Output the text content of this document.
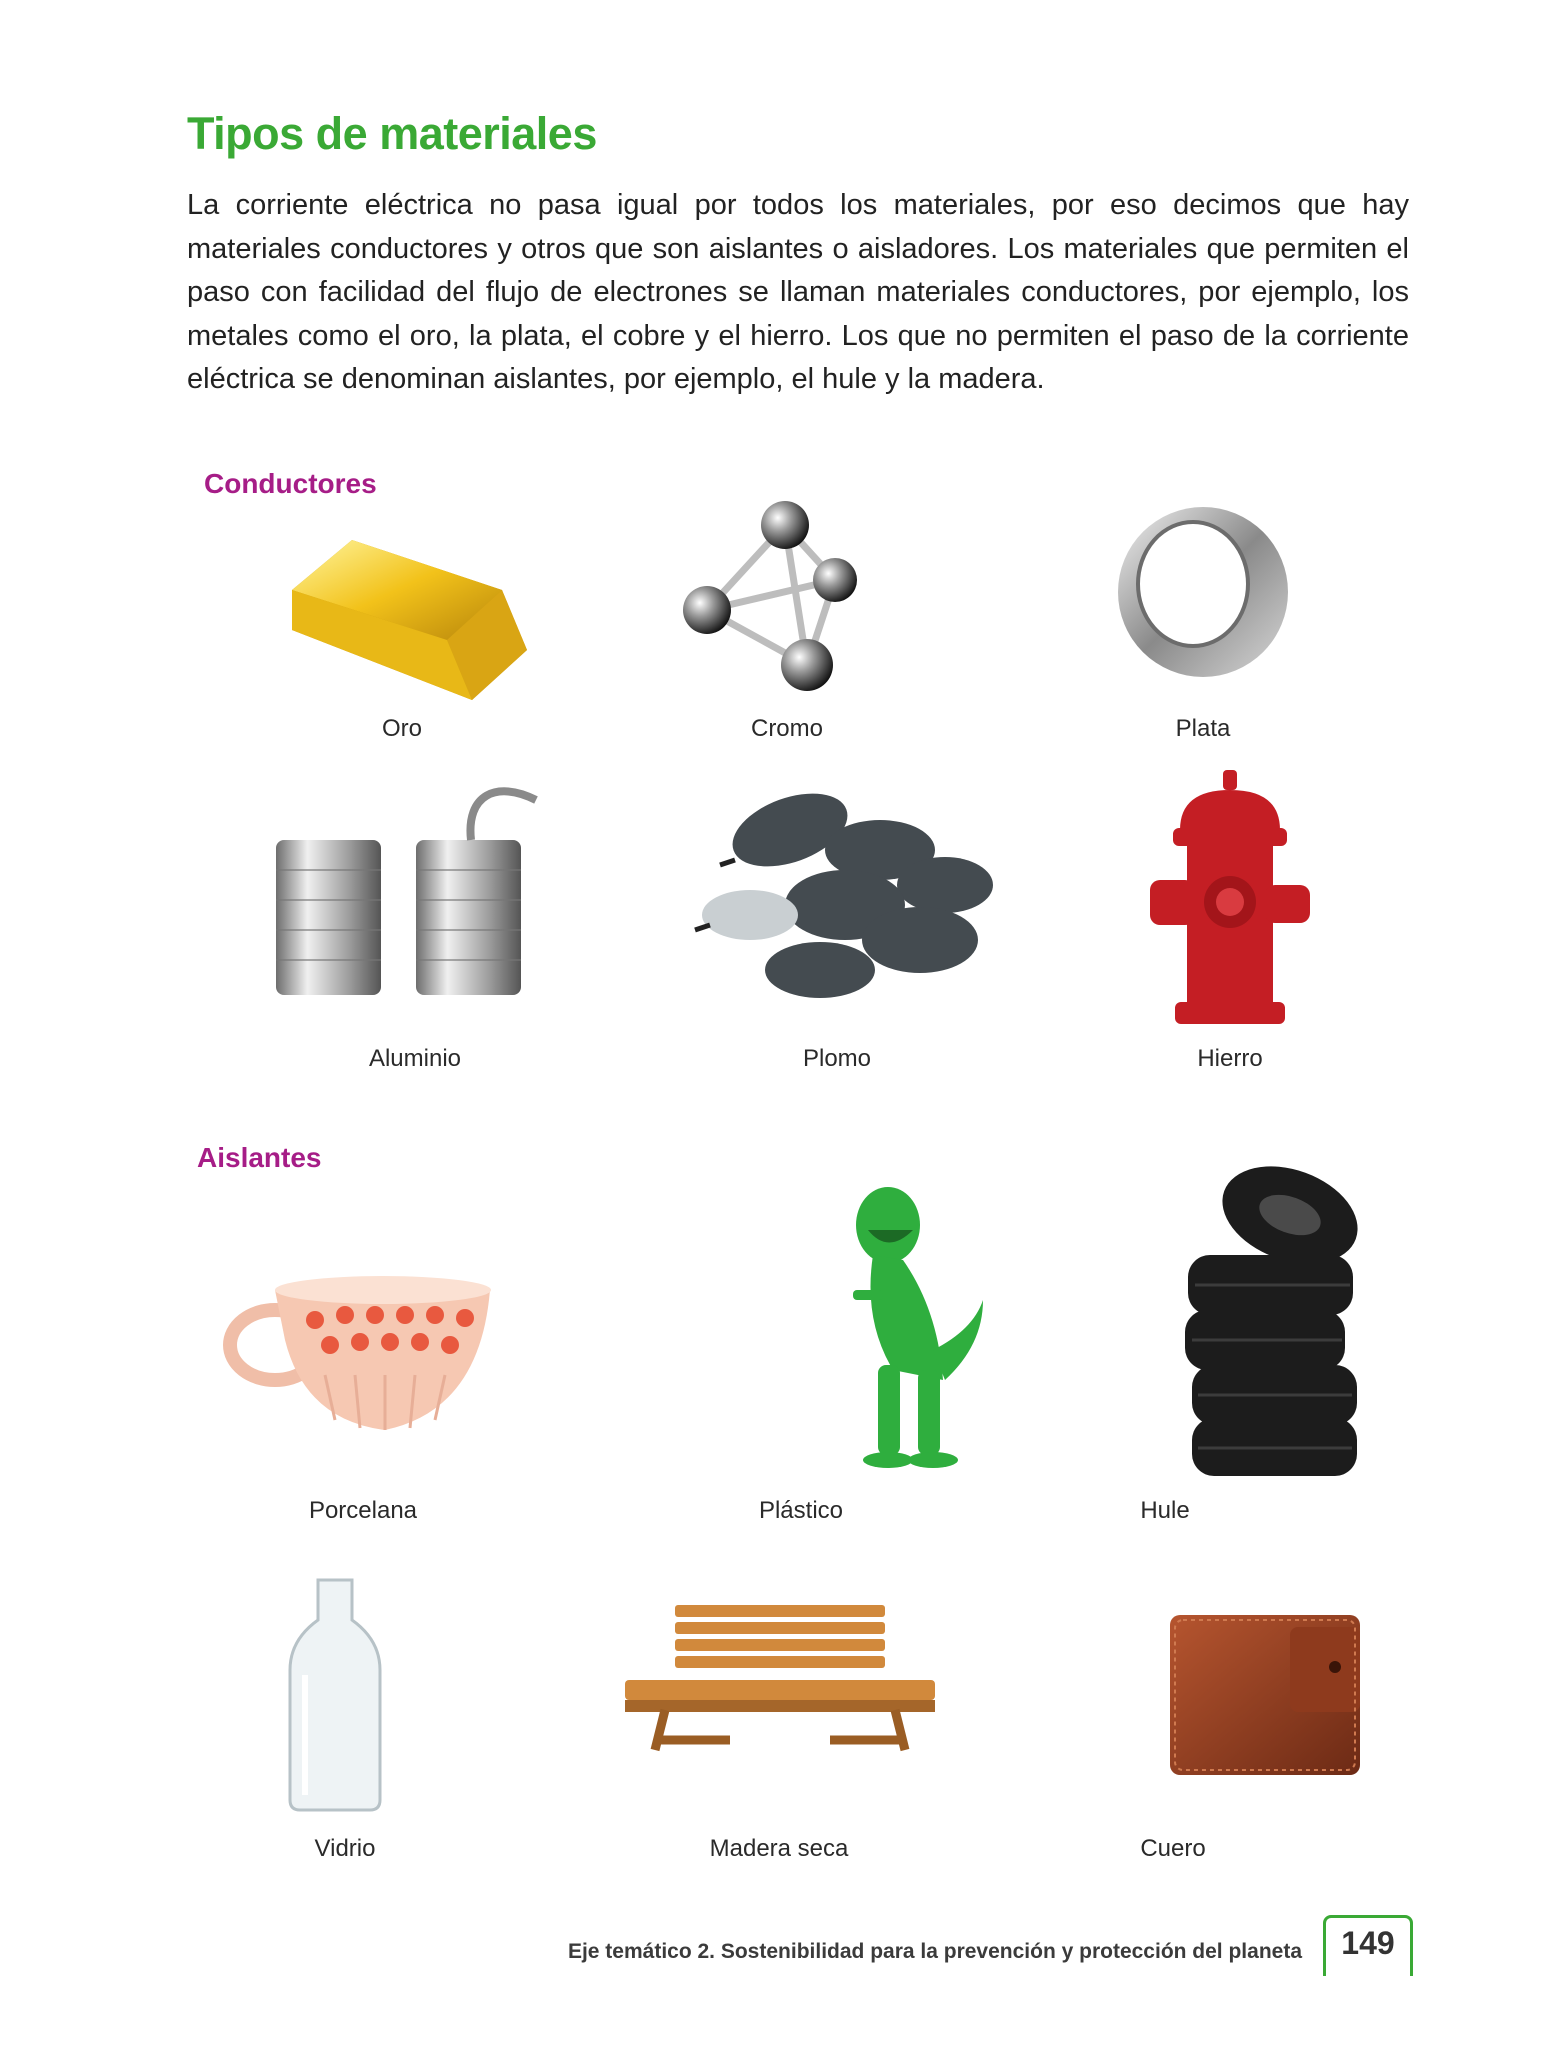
Tipos de materiales

La corriente eléctrica no pasa igual por todos los materiales, por eso decimos que hay materiales conductores y otros que son aislantes o aisladores. Los materiales que permiten el paso con facilidad del flujo de electrones se llaman materiales conductores, por ejemplo, los metales como el oro, la plata, el cobre y el hierro. Los que no permiten el paso de la corriente eléctrica se denominan aislantes, por ejemplo, el hule y la madera.

Conductores
Oro	Cromo	Plata
Aluminio	Plomo	Hierro
Aislantes
Porcelana	Plástico	Hule
Vidrio	Madera seca	Cuero
Eje temático 2. Sostenibilidad para la prevención y protección del planeta	149
